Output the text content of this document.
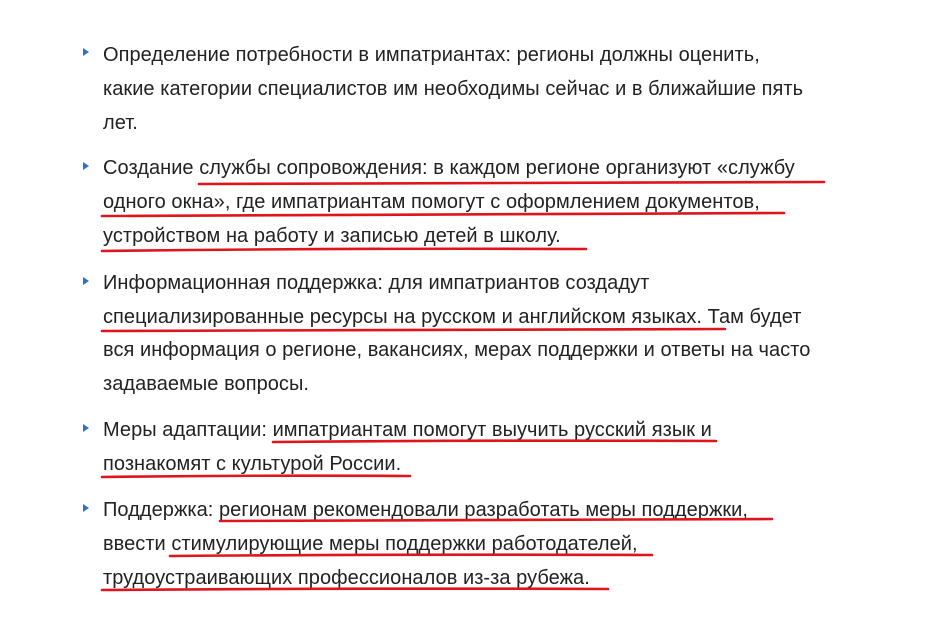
Определение потребности в импатриантах: регионы должны оценить,
какие категории специалистов им необходимы сейчас и в ближайшие пять
лет.
Создание службы сопровождения: в каждом регионе организуют «службу
одного окна», где импатриантам помогут с оформлением документов,
устройством на работу и записью детей в школу.
Информационная поддержка: для импатриантов создадут
специализированные ресурсы на русском и английском языках. Там будет
вся информация о регионе, вакансиях, мерах поддержки и ответы на часто
задаваемые вопросы.
Меры адаптации: импатриантам помогут выучить русский язык и
познакомят с культурой России.
Поддержка: регионам рекомендовали разработать меры поддержки,
ввести стимулирующие меры поддержки работодателей,
трудоустраивающих профессионалов из-за рубежа.
